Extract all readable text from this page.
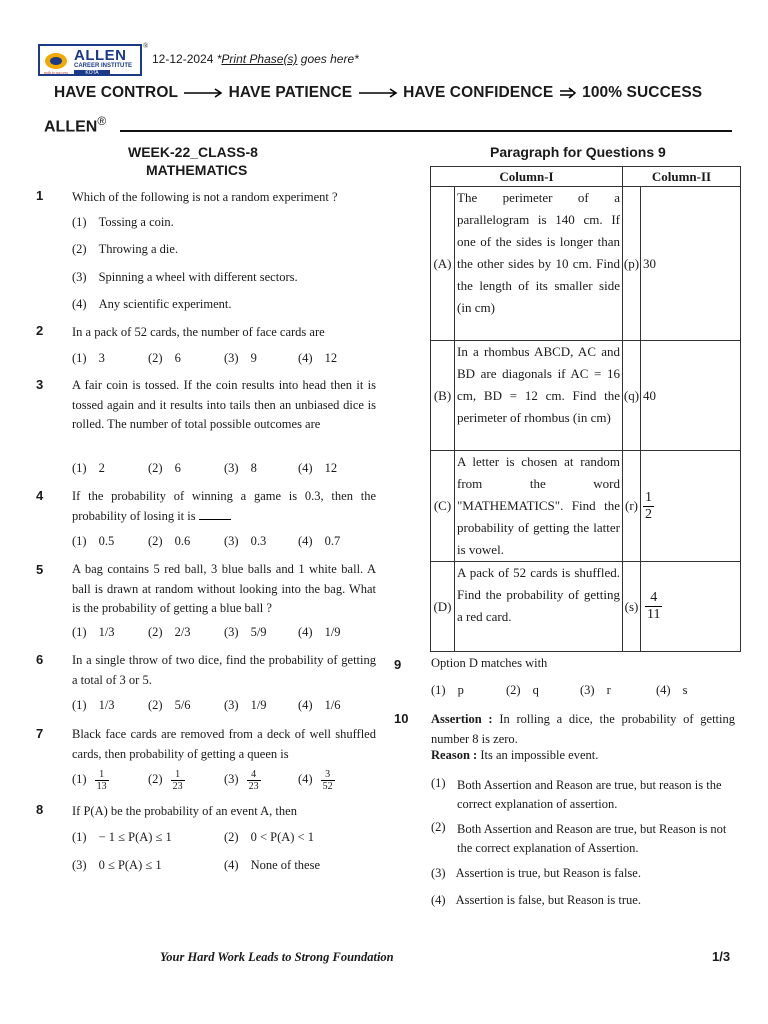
path to success
ALLEN
CAREER INSTITUTE
KOTA (RAJASTHAN)
®
12-12-2024 *Print Phase(s) goes here*
HAVE CONTROL	HAVE PATIENCE	HAVE CONFIDENCE 100% SUCCESS
ALLEN®
WEEK-22_CLASS-8
MATHEMATICS
1 Which of the following is not a random experiment ?
(1) Tossing a coin.
(2) Throwing a die.
(3) Spinning a wheel with different sectors.
(4) Any scientific experiment.
2 In a pack of 52 cards, the number of face cards are
(1) 3	(2) 6	(3) 9	(4) 12
3 A fair coin is tossed. If the coin results into head then it is tossed again and it results into tails then an unbiased dice is rolled. The number of total possible outcomes are
(1) 2	(2) 6	(3) 8	(4) 12
4 If the probability of winning a game is 0.3, then the probability of losing it is
(1) 0.5	(2) 0.6	(3) 0.3	(4) 0.7
5 A bag contains 5 red ball, 3 blue balls and 1 white ball. A ball is drawn at random without looking into the bag. What is the probability of getting a blue ball ?
(1) 1/3	(2) 2/3	(3) 5/9	(4) 1/9
6 In a single throw of two dice, find the probability of getting a total of 3 or 5.
(1) 1/3	(2) 5/6	(3) 1/9	(4) 1/6
7 Black face cards are removed from a deck of well shuffled cards, then probability of getting a queen is
$(1) \frac{1}{13}$	$(2) \frac{1}{23}$	$(3) \frac{4}{23}$	$(4) \frac{3}{52}$
8 If P(A) be the probability of an event A, then
(1) − 1 ≤ P(A) ≤ 1	(2) 0 < P(A) < 1
(3) 0 ≤ P(A) ≤ 1	(4) None of these
Paragraph for Questions 9
Column-I		Column-II	
(A)	The perimeter of a parallelogram is 140 cm. If one of the sides is longer than the other sides by 10 cm. Find the length of its smaller side (in cm)	(p)	30
(B)	In a rhombus ABCD, AC and BD are diagonals if AC = 16 cm, BD = 12 cm. Find the perimeter of rhombus (in cm)	(q)	40
(C)	A letter is chosen at random from the word "MATHEMATICS". Find the probability of getting the latter is vowel.	(r)	$\frac{1}{2}$

(D)	A pack of 52 cards is shuffled. Find the probability of getting a red card.	(s)	$\frac{4}{11}$
9 Option D matches with
(1) p	(2) q	(3) r	(4) s
10 Assertion : In rolling a dice, the probability of getting number 8 is zero.
Reason : Its an impossible event.
(1) Both Assertion and Reason are true, but reason is the correct explanation of assertion.
(2) Both Assertion and Reason are true, but Reason is not the correct explanation of Assertion.
(3) Assertion is true, but Reason is false.
(4) Assertion is false, but Reason is true.
Your Hard Work Leads to Strong Foundation	1/3
